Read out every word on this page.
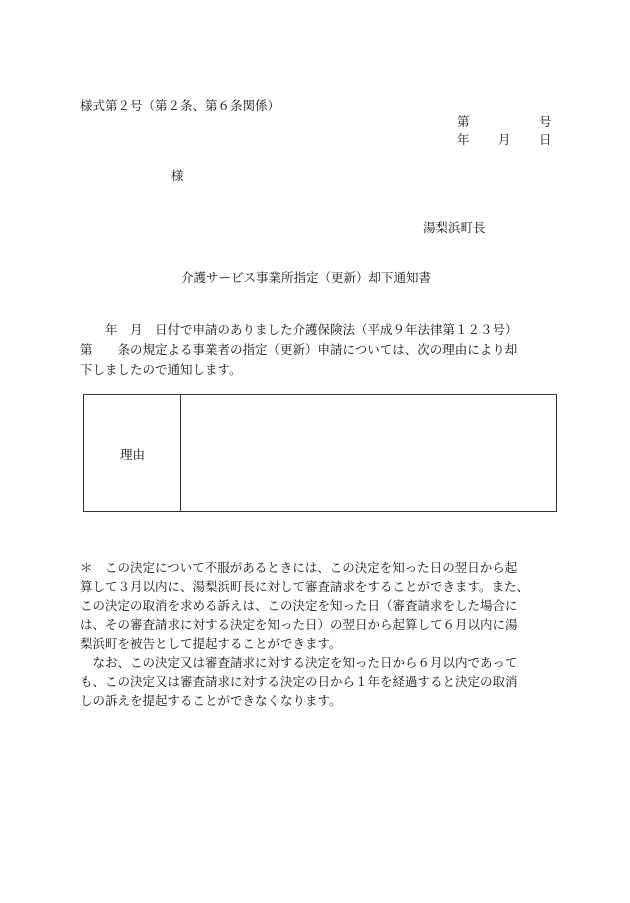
様式第２号（第２条、第６条関係）
第	号
年 月 日
様
湯梨浜町長
介護サービス事業所指定（更新）却下通知書
　　年　月　日付で申請のありました介護保険法（平成９年法律第１２３号）
第　　条の規定よる事業者の指定（更新）申請については、次の理由により却
下しましたので通知します。
理由
＊　この決定について不服があるときには、この決定を知った日の翌日から起
算して３月以内に、湯梨浜町長に対して審査請求をすることができます。また、
この決定の取消を求める訴えは、この決定を知った日（審査請求をした場合に
は、その審査請求に対する決定を知った日）の翌日から起算して６月以内に湯
梨浜町を被告として提起することができます。
　なお、この決定又は審査請求に対する決定を知った日から６月以内であって
も、この決定又は審査請求に対する決定の日から１年を経過すると決定の取消
しの訴えを提起することができなくなります。
